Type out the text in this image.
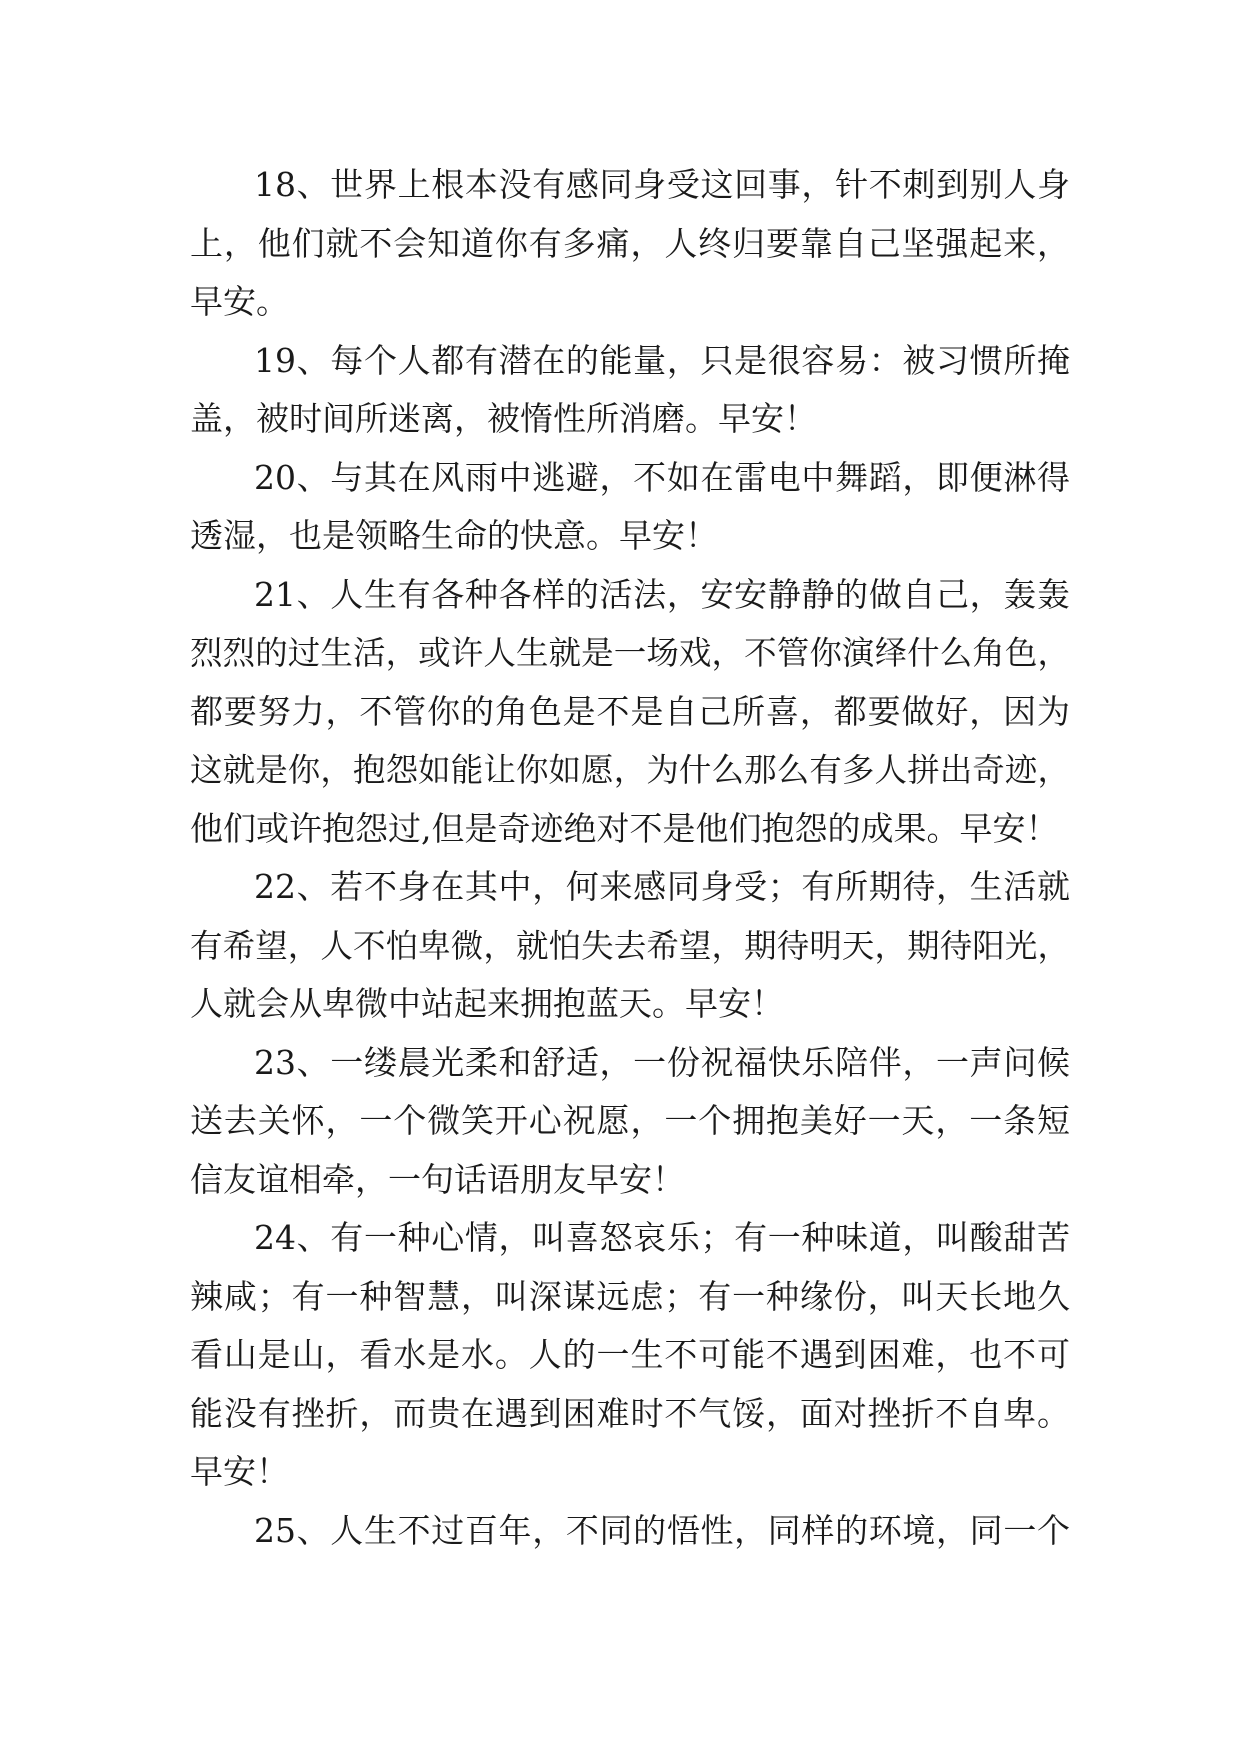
18、世界上根本没有感同身受这回事，针不刺到别人身
上，他们就不会知道你有多痛，人终归要靠自己坚强起来，
早安。
19、每个人都有潜在的能量，只是很容易：被习惯所掩
盖，被时间所迷离，被惰性所消磨。早安！
20、与其在风雨中逃避，不如在雷电中舞蹈，即便淋得
透湿，也是领略生命的快意。早安！
21、人生有各种各样的活法，安安静静的做自己，轰轰
烈烈的过生活，或许人生就是一场戏，不管你演绎什么角色，
都要努力，不管你的角色是不是自己所喜，都要做好，因为
这就是你，抱怨如能让你如愿，为什么那么有多人拼出奇迹，
他们或许抱怨过,但是奇迹绝对不是他们抱怨的成果。早安！
22、若不身在其中，何来感同身受；有所期待，生活就
有希望，人不怕卑微，就怕失去希望，期待明天，期待阳光，
人就会从卑微中站起来拥抱蓝天。早安！
23、一缕晨光柔和舒适，一份祝福快乐陪伴，一声问候
送去关怀，一个微笑开心祝愿，一个拥抱美好一天，一条短
信友谊相牵，一句话语朋友早安！
24、有一种心情，叫喜怒哀乐；有一种味道，叫酸甜苦
辣咸；有一种智慧，叫深谋远虑；有一种缘份，叫天长地久
看山是山，看水是水。人的一生不可能不遇到困难，也不可
能没有挫折，而贵在遇到困难时不气馁，面对挫折不自卑。
早安！
25、人生不过百年，不同的悟性，同样的环境，同一个
